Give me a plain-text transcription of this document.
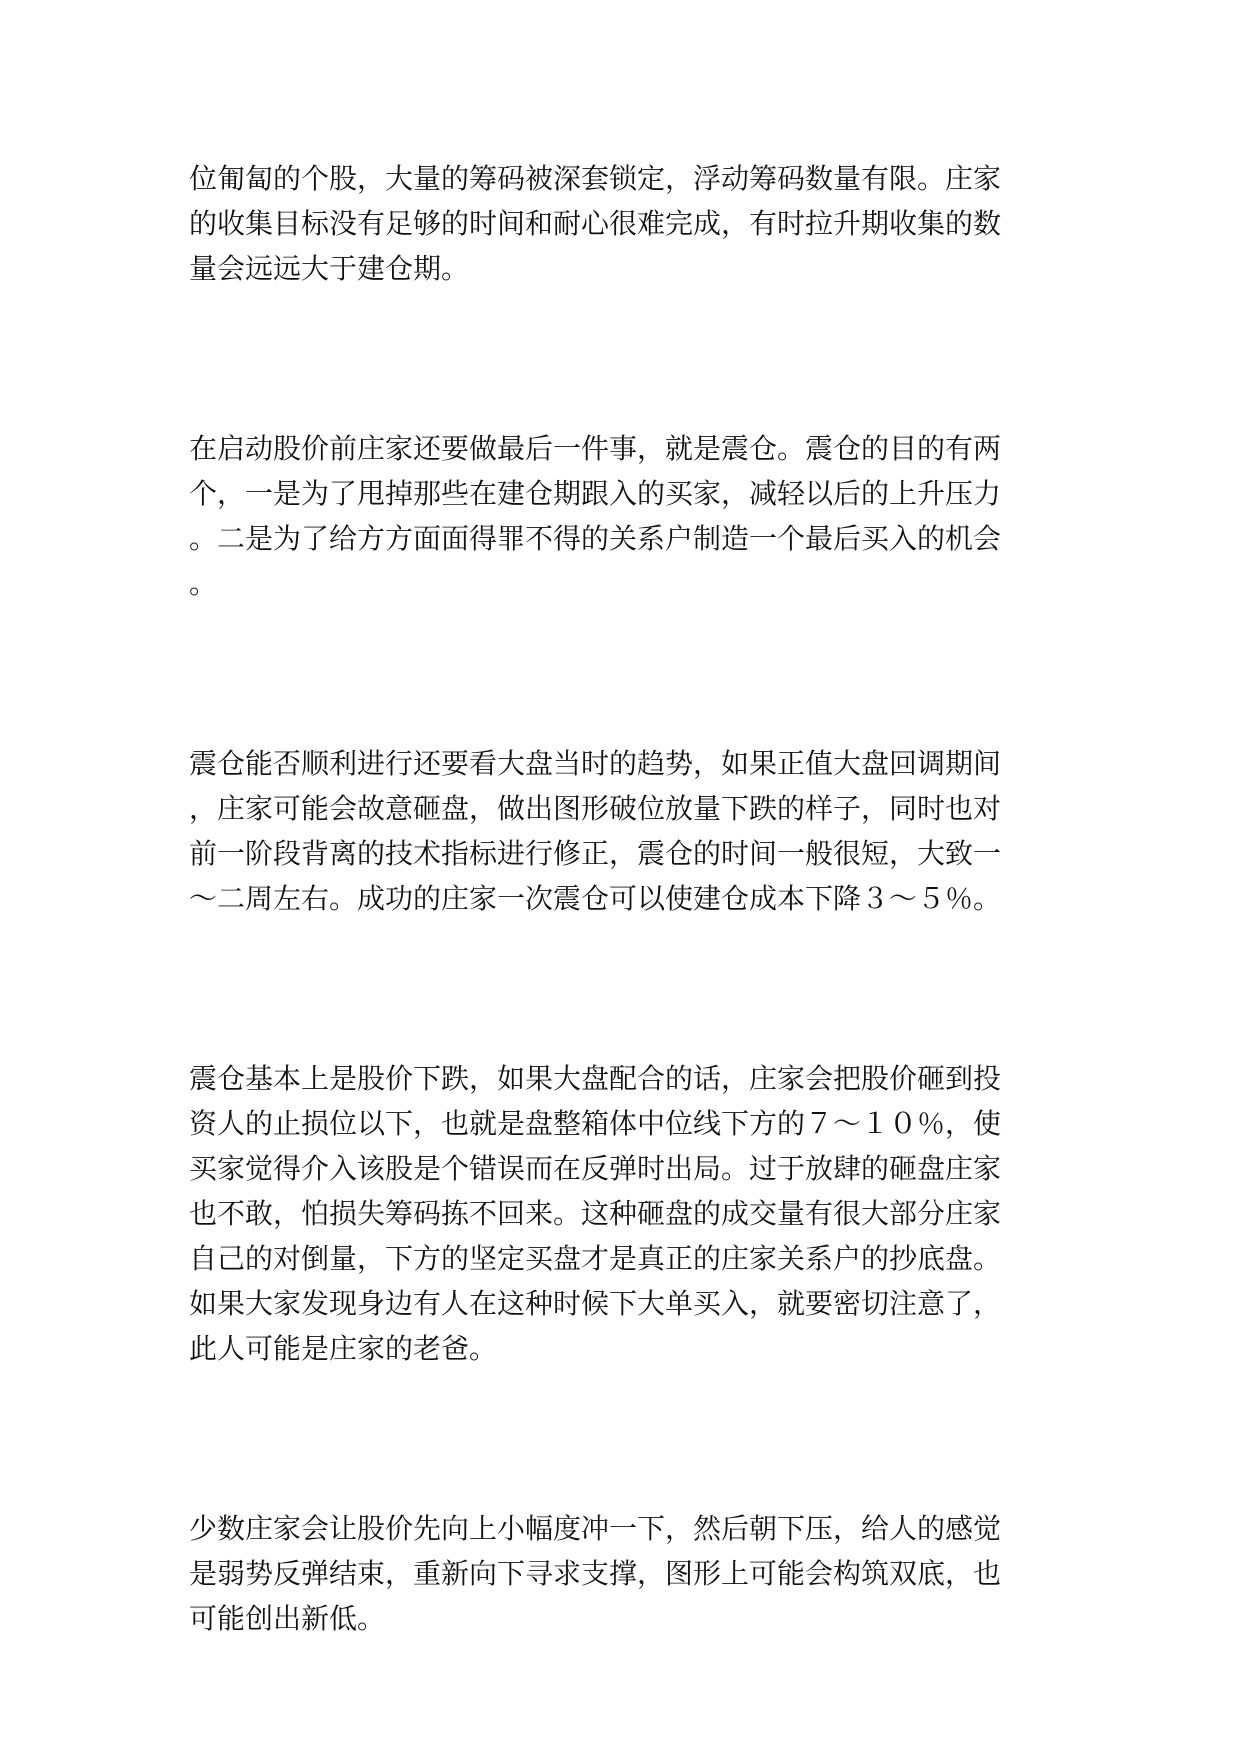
位匍匐的个股，大量的筹码被深套锁定，浮动筹码数量有限。庄家
的收集目标没有足够的时间和耐心很难完成，有时拉升期收集的数
量会远远大于建仓期。
在启动股价前庄家还要做最后一件事，就是震仓。震仓的目的有两
个，一是为了甩掉那些在建仓期跟入的买家，减轻以后的上升压力
。二是为了给方方面面得罪不得的关系户制造一个最后买入的机会
。
震仓能否顺利进行还要看大盘当时的趋势，如果正值大盘回调期间
，庄家可能会故意砸盘，做出图形破位放量下跌的样子，同时也对
前一阶段背离的技术指标进行修正，震仓的时间一般很短，大致一
～二周左右。成功的庄家一次震仓可以使建仓成本下降３～５％。
震仓基本上是股价下跌，如果大盘配合的话，庄家会把股价砸到投
资人的止损位以下，也就是盘整箱体中位线下方的７～１０％，使
买家觉得介入该股是个错误而在反弹时出局。过于放肆的砸盘庄家
也不敢，怕损失筹码拣不回来。这种砸盘的成交量有很大部分庄家
自己的对倒量，下方的坚定买盘才是真正的庄家关系户的抄底盘。
如果大家发现身边有人在这种时候下大单买入，就要密切注意了，
此人可能是庄家的老爸。
少数庄家会让股价先向上小幅度冲一下，然后朝下压，给人的感觉
是弱势反弹结束，重新向下寻求支撑，图形上可能会构筑双底，也
可能创出新低。
